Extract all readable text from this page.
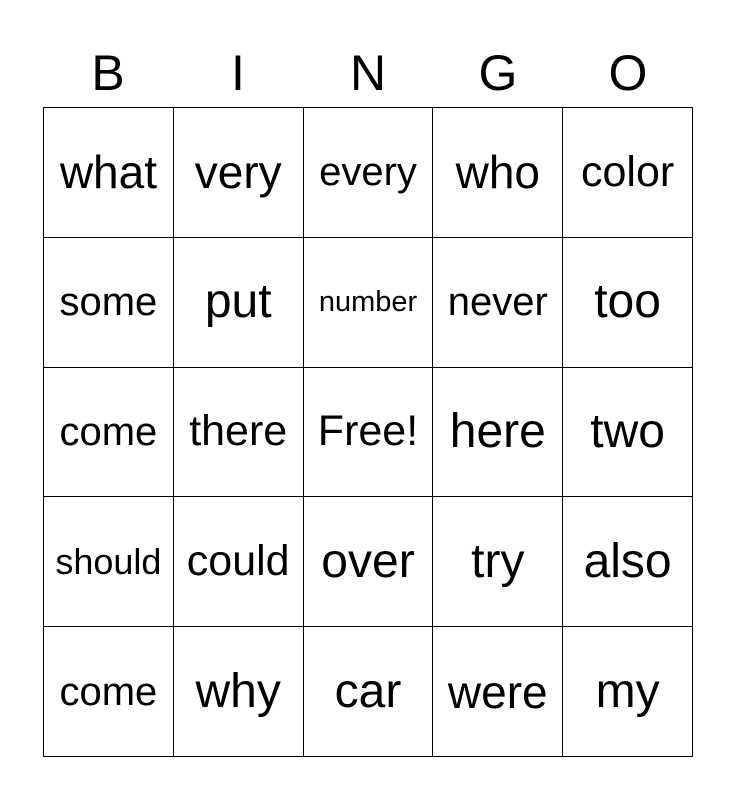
B	I	N	G	O
what very every who color
some put	number never too
come there Free! here two
should could over	try	also
come why	car	were my
